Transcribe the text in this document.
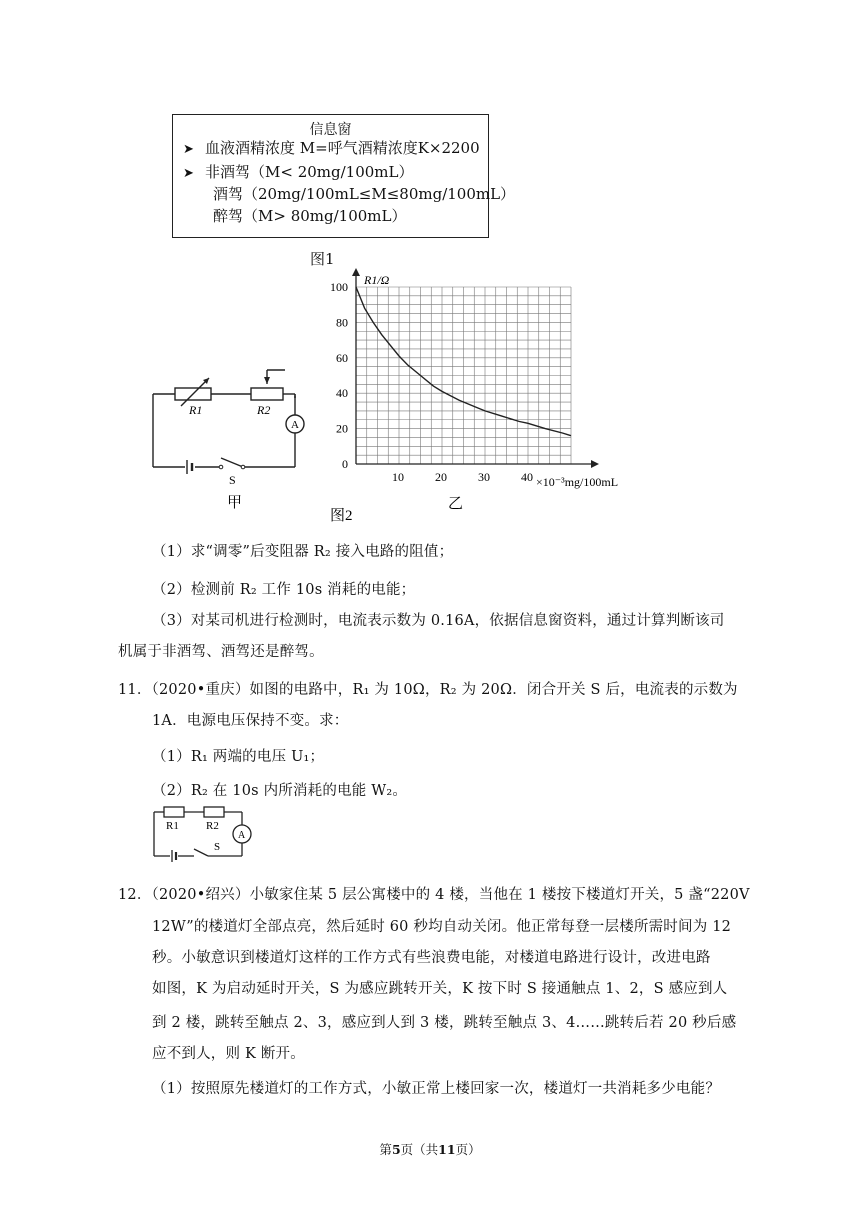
信息窗
➤ 血液酒精浓度 M=呼气酒精浓度K×2200
➤ 非酒驾（M< 20mg/100mL）
酒驾（20mg/100mL≤M≤80mg/100mL）
醉驾（M> 80mg/100mL）
图1
R1	R2
A
S
甲
10	20	30	40
0
20
40
60
80
100 R1/Ω
×10⁻³mg/100mL
图2
乙
（1）求“调零”后变阻器 R₂ 接入电路的阻值；
（2）检测前 R₂ 工作 10s 消耗的电能；
（3）对某司机进行检测时，电流表示数为 0.16A，依据信息窗资料，通过计算判断该司
机属于非酒驾、酒驾还是醉驾。
11．（2020•重庆）如图的电路中，R₁ 为 10Ω，R₂ 为 20Ω．闭合开关 S 后，电流表的示数为
1A．电源电压保持不变。求：
（1）R₁ 两端的电压 U₁；
（2）R₂ 在 10s 内所消耗的电能 W₂。
R1 R2
A
S
12．（2020•绍兴）小敏家住某 5 层公寓楼中的 4 楼，当他在 1 楼按下楼道灯开关，5 盏“220V
12W”的楼道灯全部点亮，然后延时 60 秒均自动关闭。他正常每登一层楼所需时间为 12
秒。小敏意识到楼道灯这样的工作方式有些浪费电能，对楼道电路进行设计，改进电路
如图，K 为启动延时开关，S 为感应跳转开关，K 按下时 S 接通触点 1、2，S 感应到人
到 2 楼，跳转至触点 2、3，感应到人到 3 楼，跳转至触点 3、4……跳转后若 20 秒后感
应不到人，则 K 断开。
（1）按照原先楼道灯的工作方式，小敏正常上楼回家一次，楼道灯一共消耗多少电能？
第5页（共11页）
